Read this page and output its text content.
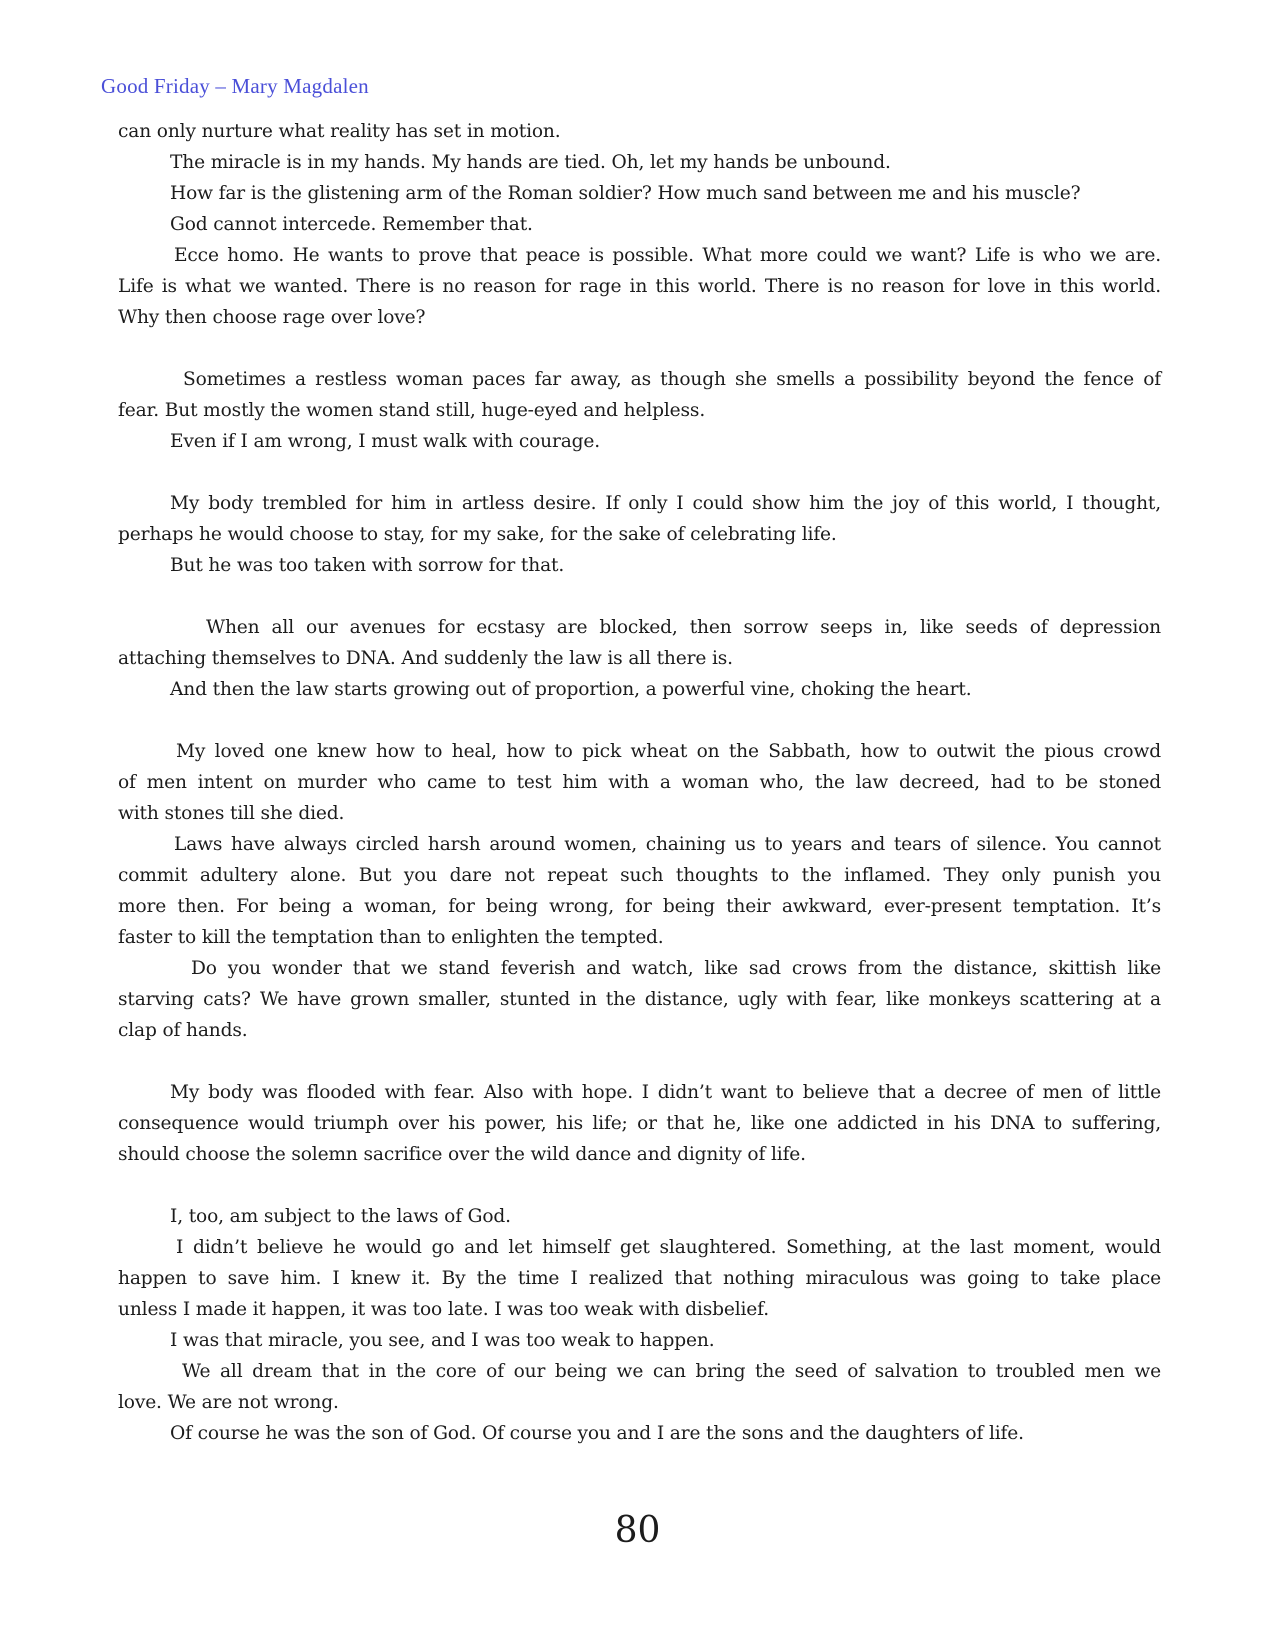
Good Friday – Mary Magdalen
can only nurture what reality has set in motion.
The miracle is in my hands. My hands are tied. Oh, let my hands be unbound.
How far is the glistening arm of the Roman soldier? How much sand between me and his muscle?
God cannot intercede. Remember that.
Ecce homo. He wants to prove that peace is possible. What more could we want? Life is who we are.
Life is what we wanted. There is no reason for rage in this world. There is no reason for love in this world.
Why then choose rage over love?
Sometimes a restless woman paces far away, as though she smells a possibility beyond the fence of
fear. But mostly the women stand still, huge-eyed and helpless.
Even if I am wrong, I must walk with courage.
My body trembled for him in artless desire. If only I could show him the joy of this world, I thought,
perhaps he would choose to stay, for my sake, for the sake of celebrating life.
But he was too taken with sorrow for that.
When all our avenues for ecstasy are blocked, then sorrow seeps in, like seeds of depression
attaching themselves to DNA. And suddenly the law is all there is.
And then the law starts growing out of proportion, a powerful vine, choking the heart.
My loved one knew how to heal, how to pick wheat on the Sabbath, how to outwit the pious crowd
of men intent on murder who came to test him with a woman who, the law decreed, had to be stoned
with stones till she died.
Laws have always circled harsh around women, chaining us to years and tears of silence. You cannot
commit adultery alone. But you dare not repeat such thoughts to the inflamed. They only punish you
more then. For being a woman, for being wrong, for being their awkward, ever-present temptation. It’s
faster to kill the temptation than to enlighten the tempted.
Do you wonder that we stand feverish and watch, like sad crows from the distance, skittish like
starving cats? We have grown smaller, stunted in the distance, ugly with fear, like monkeys scattering at a
clap of hands.
My body was flooded with fear. Also with hope. I didn’t want to believe that a decree of men of little
consequence would triumph over his power, his life; or that he, like one addicted in his DNA to suffering,
should choose the solemn sacrifice over the wild dance and dignity of life.
I, too, am subject to the laws of God.
I didn’t believe he would go and let himself get slaughtered. Something, at the last moment, would
happen to save him. I knew it. By the time I realized that nothing miraculous was going to take place
unless I made it happen, it was too late. I was too weak with disbelief.
I was that miracle, you see, and I was too weak to happen.
We all dream that in the core of our being we can bring the seed of salvation to troubled men we
love. We are not wrong.
Of course he was the son of God. Of course you and I are the sons and the daughters of life.
80
